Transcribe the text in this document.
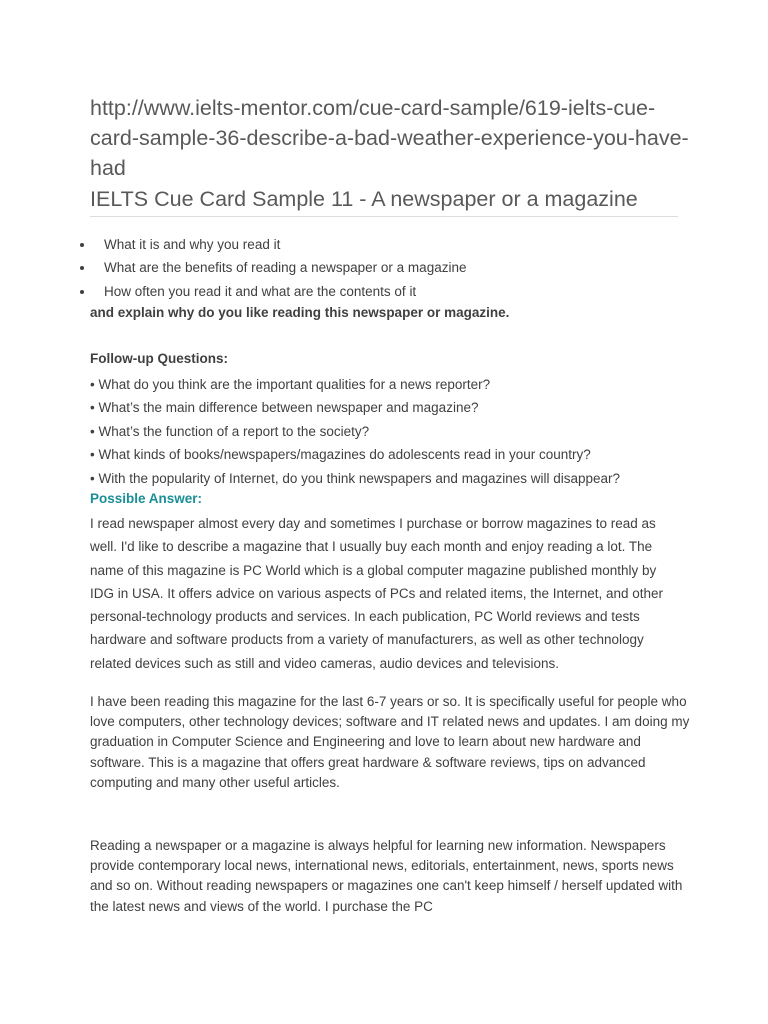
http://www.ielts-mentor.com/cue-card-sample/619-ielts-cue-card-sample-36-describe-a-bad-weather-experience-you-have-had
IELTS Cue Card Sample 11 - A newspaper or a magazine
What it is and why you read it
What are the benefits of reading a newspaper or a magazine
How often you read it and what are the contents of it

and explain why do you like reading this newspaper or magazine.

Follow-up Questions:

• What do you think are the important qualities for a news reporter?
• What’s the main difference between newspaper and magazine?
• What’s the function of a report to the society?
• What kinds of books/newspapers/magazines do adolescents read in your country?
• With the popularity of Internet, do you think newspapers and magazines will disappear?

Possible Answer:

I read newspaper almost every day and sometimes I purchase or borrow magazines to read as well. I'd like to describe a magazine that I usually buy each month and enjoy reading a lot. The name of this magazine is PC World which is a global computer magazine published monthly by IDG in USA. It offers advice on various aspects of PCs and related items, the Internet, and other personal-technology products and services. In each publication, PC World reviews and tests hardware and software products from a variety of manufacturers, as well as other technology related devices such as still and video cameras, audio devices and televisions.

I have been reading this magazine for the last 6-7 years or so. It is specifically useful for people who love computers, other technology devices; software and IT related news and updates. I am doing my graduation in Computer Science and Engineering and love to learn about new hardware and software. This is a magazine that offers great hardware & software reviews, tips on advanced computing and many other useful articles.

Reading a newspaper or a magazine is always helpful for learning new information. Newspapers provide contemporary local news, international news, editorials, entertainment, news, sports news and so on. Without reading newspapers or magazines one can't keep himself / herself updated with the latest news and views of the world. I purchase the PC
